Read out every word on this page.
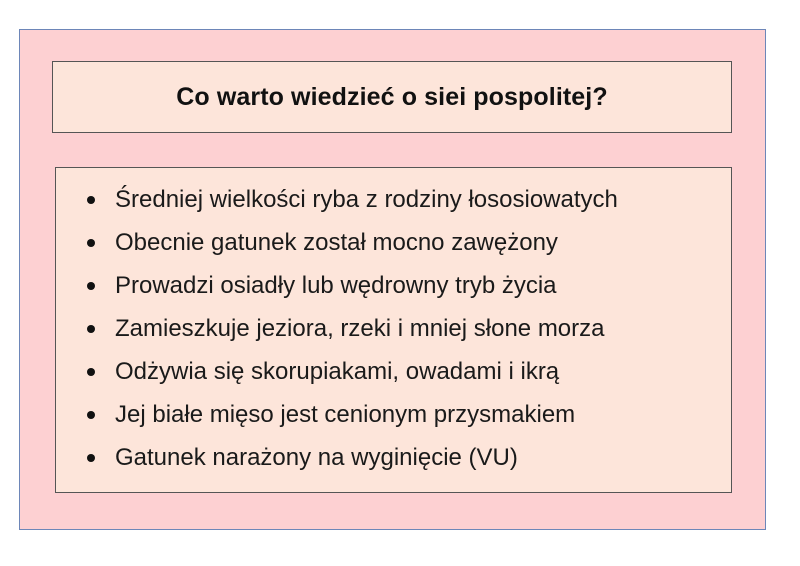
Co warto wiedzieć o siei pospolitej?
Średniej wielkości ryba z rodziny łososiowatych
Obecnie gatunek został mocno zawężony
Prowadzi osiadły lub wędrowny tryb życia
Zamieszkuje jeziora, rzeki i mniej słone morza
Odżywia się skorupiakami, owadami i ikrą
Jej białe mięso jest cenionym przysmakiem
Gatunek narażony na wyginięcie (VU)
